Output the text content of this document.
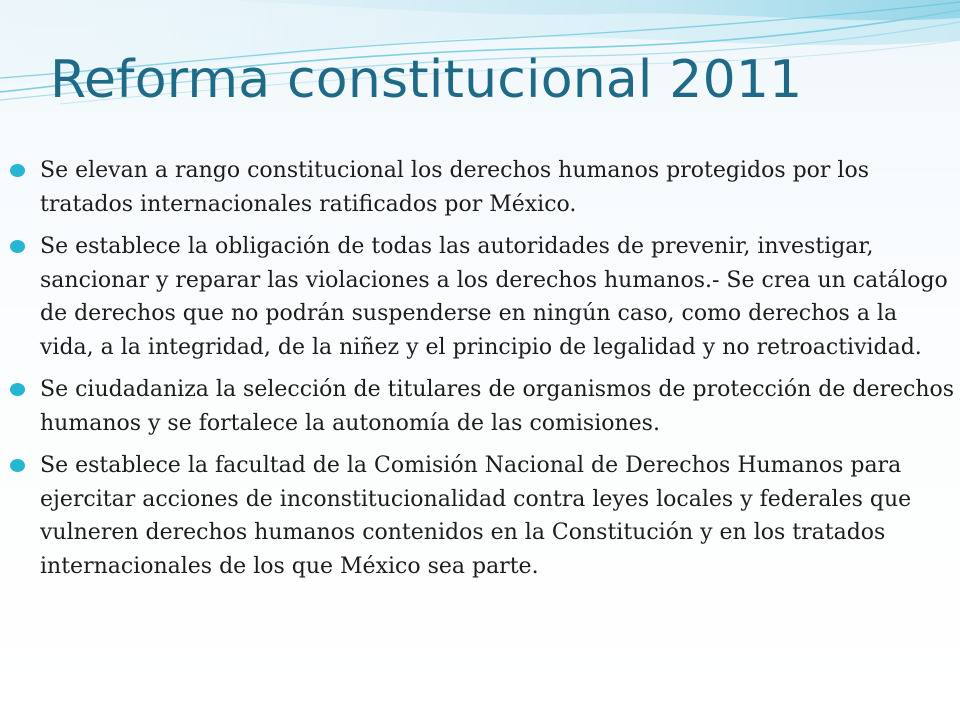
Reforma constitucional 2011
Se elevan a rango constitucional los derechos humanos protegidos por los tratados internacionales ratificados por México.
Se establece la obligación de todas las autoridades de prevenir, investigar, sancionar y reparar las violaciones a los derechos humanos.- Se crea un catálogo de derechos que no podrán suspenderse en ningún caso, como derechos a la vida, a la integridad, de la niñez y el principio de legalidad y no retroactividad.
Se ciudadaniza la selección de titulares de organismos de protección de derechos humanos y se fortalece la autonomía de las comisiones.
Se establece la facultad de la Comisión Nacional de Derechos Humanos para ejercitar acciones de inconstitucionalidad contra leyes locales y federales que vulneren derechos humanos contenidos en la Constitución y en los tratados internacionales de los que México sea parte.
